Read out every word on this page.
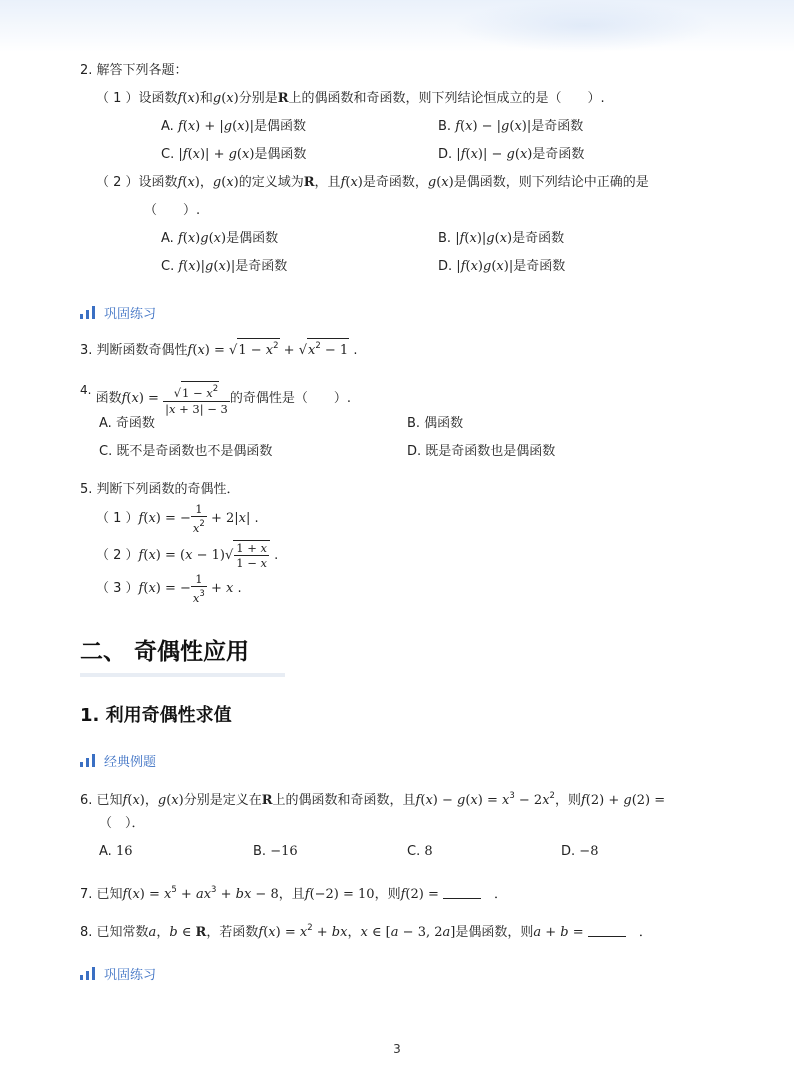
2. 解答下列各题：
（ 1 ）设函数f(x)和g(x)分别是R上的偶函数和奇函数，则下列结论恒成立的是（　　）.
A. f(x) + |g(x)|是偶函数	B. f(x) − |g(x)|是奇函数
C. |f(x)| + g(x)是偶函数	D. |f(x)| − g(x)是奇函数
（ 2 ）设函数f(x)，g(x)的定义域为R，且f(x)是奇函数，g(x)是偶函数，则下列结论中正确的是
（　　）.
A. f(x)g(x)是偶函数	B. |f(x)|g(x)是奇函数
C. f(x)|g(x)|是奇函数	D. |f(x)g(x)|是奇函数
巩固练习
3. 判断函数奇偶性$f(x) = √1 - x^2 + √x^2 - 1$ .
4. 函数$f(x) = \frac{√1 - x^2}{|x + 3| - 3}$ 的奇偶性是（　　）.
A. 奇函数	B. 偶函数
C. 既不是奇函数也不是偶函数	D. 既是奇函数也是偶函数
5. 判断下列函数的奇偶性．
（ 1 ）f(x) = − $\frac{1}{x^2} + 2|x|$ .
（ 2 ）$f(x) = (x - 1)√ \frac{1 + x}{1 - x}$ .
（ 3 ）f(x) = − $\frac{1}{x^3} + x$ .
二、 奇偶性应用
1. 利用奇偶性求值
经典例题
6. 已知f(x)，g(x)分别是定义在R上的偶函数和奇函数，且$f(x) - g(x) = x^3 - 2x^2$，则f(2) + g(2) =
（　）．
A. 16	B. −16	C. 8	D. −8
7. 已知$f(x) = x^5 + ax^3$ + bx − 8，且f(−2) = 10，则f(2) = 　	．
8. 已知常数a，b ∈ R，若函数$f(x) = x^2$ + bx，x ∈ [a − 3, 2a]是偶函数，则a + b = 　	．
巩固练习
3
